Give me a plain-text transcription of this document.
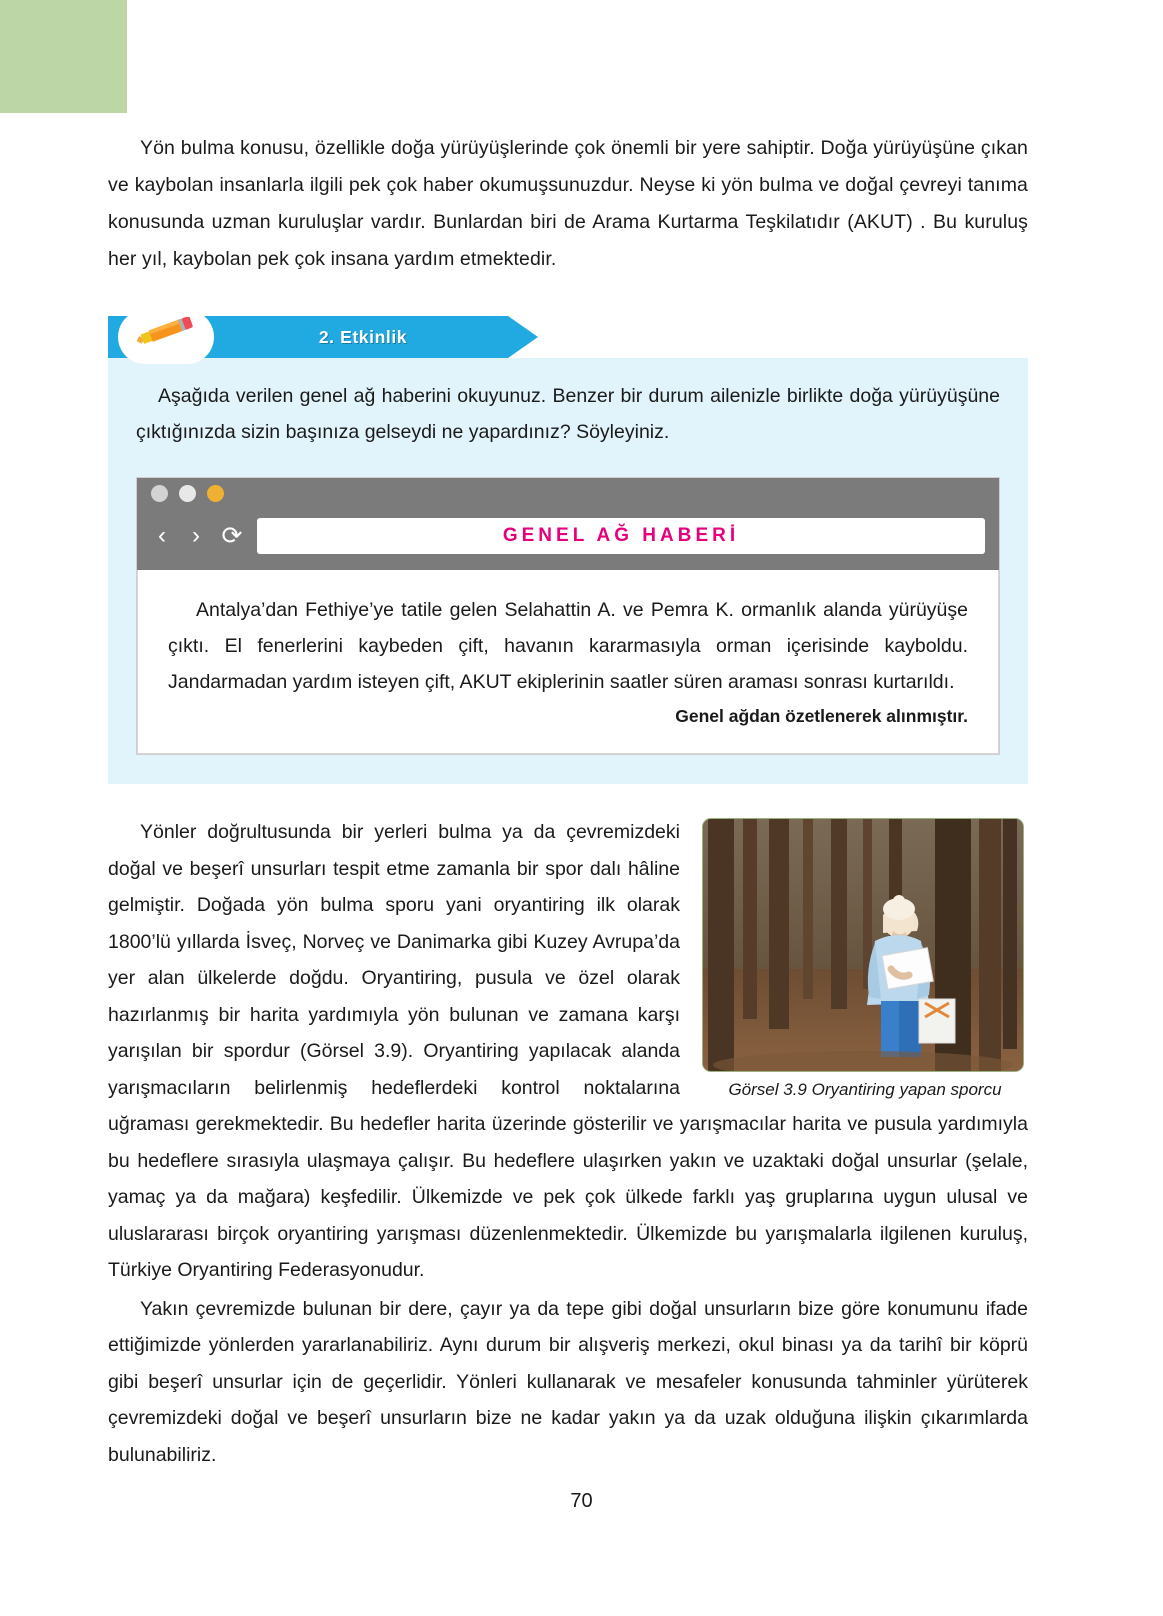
Yön bulma konusu, özellikle doğa yürüyüşlerinde çok önemli bir yere sahiptir. Doğa yürüyüşüne çıkan ve kaybolan insanlarla ilgili pek çok haber okumuşsunuzdur. Neyse ki yön bulma ve doğal çevreyi tanıma konusunda uzman kuruluşlar vardır. Bunlardan biri de Arama Kurtarma Teşkilatıdır (AKUT) . Bu kuruluş her yıl, kaybolan pek çok insana yardım etmektedir.

2. Etkinlik

Aşağıda verilen genel ağ haberini okuyunuz. Benzer bir durum ailenizle birlikte doğa yürüyüşüne çıktığınızda sizin başınıza gelseydi ne yapardınız? Söyleyiniz.

‹ › ⟳	GENEL AĞ HABERİ

Antalya’dan Fethiye’ye tatile gelen Selahattin A. ve Pemra K. ormanlık alanda yürüyüşe çıktı. El fenerlerini kaybeden çift, havanın kararmasıyla orman içerisinde kayboldu. Jandarmadan yardım isteyen çift, AKUT ekiplerinin saatler süren araması sonrası kurtarıldı.

Genel ağdan özetlenerek alınmıştır.
Görsel 3.9 Oryantiring yapan sporcu

Yönler doğrultusunda bir yerleri bulma ya da çevremizdeki doğal ve beşerî unsurları tespit etme zamanla bir spor dalı hâline gelmiştir. Doğada yön bulma sporu yani oryantiring ilk olarak 1800’lü yıllarda İsveç, Norveç ve Danimarka gibi Kuzey Avrupa’da yer alan ülkelerde doğdu. Oryantiring, pusula ve özel olarak hazırlanmış bir harita yardımıyla yön bulunan ve zamana karşı yarışılan bir spordur (Görsel 3.9). Oryantiring yapılacak alanda yarışmacıların belirlenmiş hedeflerdeki kontrol noktalarına uğraması gerekmektedir. Bu hedefler harita üzerinde gösterilir ve yarışmacılar harita ve pusula yardımıyla bu hedeflere sırasıyla ulaşmaya çalışır. Bu hedeflere ulaşırken yakın ve uzaktaki doğal unsurlar (şelale, yamaç ya da mağara) keşfedilir. Ülkemizde ve pek çok ülkede farklı yaş gruplarına uygun ulusal ve uluslararası birçok oryantiring yarışması düzenlenmektedir. Ülkemizde bu yarışmalarla ilgilenen kuruluş, Türkiye Oryantiring Federasyonudur.

Yakın çevremizde bulunan bir dere, çayır ya da tepe gibi doğal unsurların bize göre konumunu ifade ettiğimizde yönlerden yararlanabiliriz. Aynı durum bir alışveriş merkezi, okul binası ya da tarihî bir köprü gibi beşerî unsurlar için de geçerlidir. Yönleri kullanarak ve mesafeler konusunda tahminler yürüterek çevremizdeki doğal ve beşerî unsurların bize ne kadar yakın ya da uzak olduğuna ilişkin çıkarımlarda bulunabiliriz.

70
